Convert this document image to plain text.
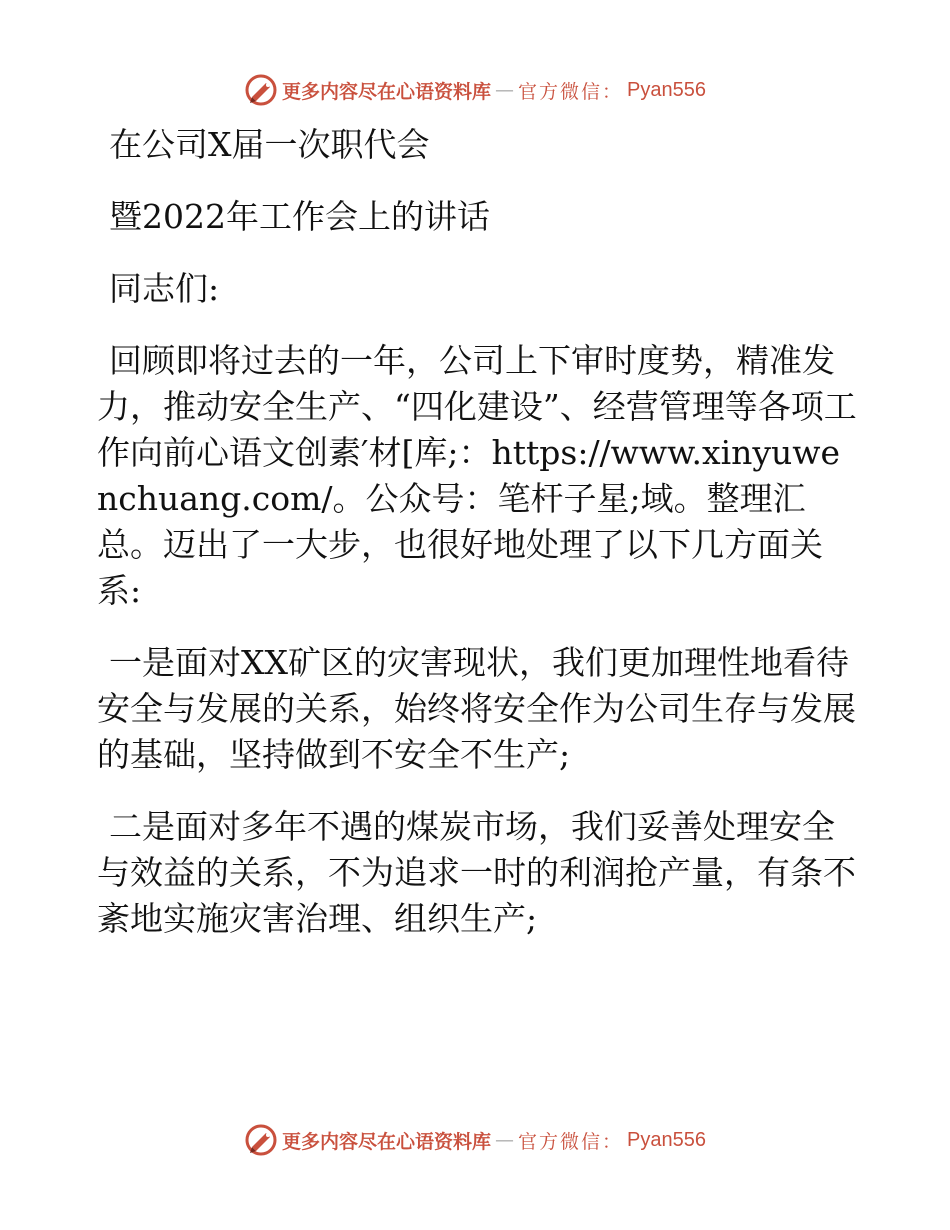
更多内容尽在心语资料库 — 官方微信： Pyan556

在公司X届一次职代会

暨2022年工作会上的讲话

同志们:

回顾即将过去的一年，公司上下审时度势，精准发力，推动安全生产、“四化建设”、经营管理等各项工作向前心语文创素′材[库;：https://www.xinyuwenchuang.com/。公众号：笔杆子星;域。整理汇总。迈出了一大步，也很好地处理了以下几方面关系:

一是面对XX矿区的灾害现状，我们更加理性地看待安全与发展的关系，始终将安全作为公司生存与发展的基础，坚持做到不安全不生产;

二是面对多年不遇的煤炭市场，我们妥善处理安全与效益的关系，不为追求一时的利润抢产量，有条不紊地实施灾害治理、组织生产;

更多内容尽在心语资料库 — 官方微信： Pyan556
